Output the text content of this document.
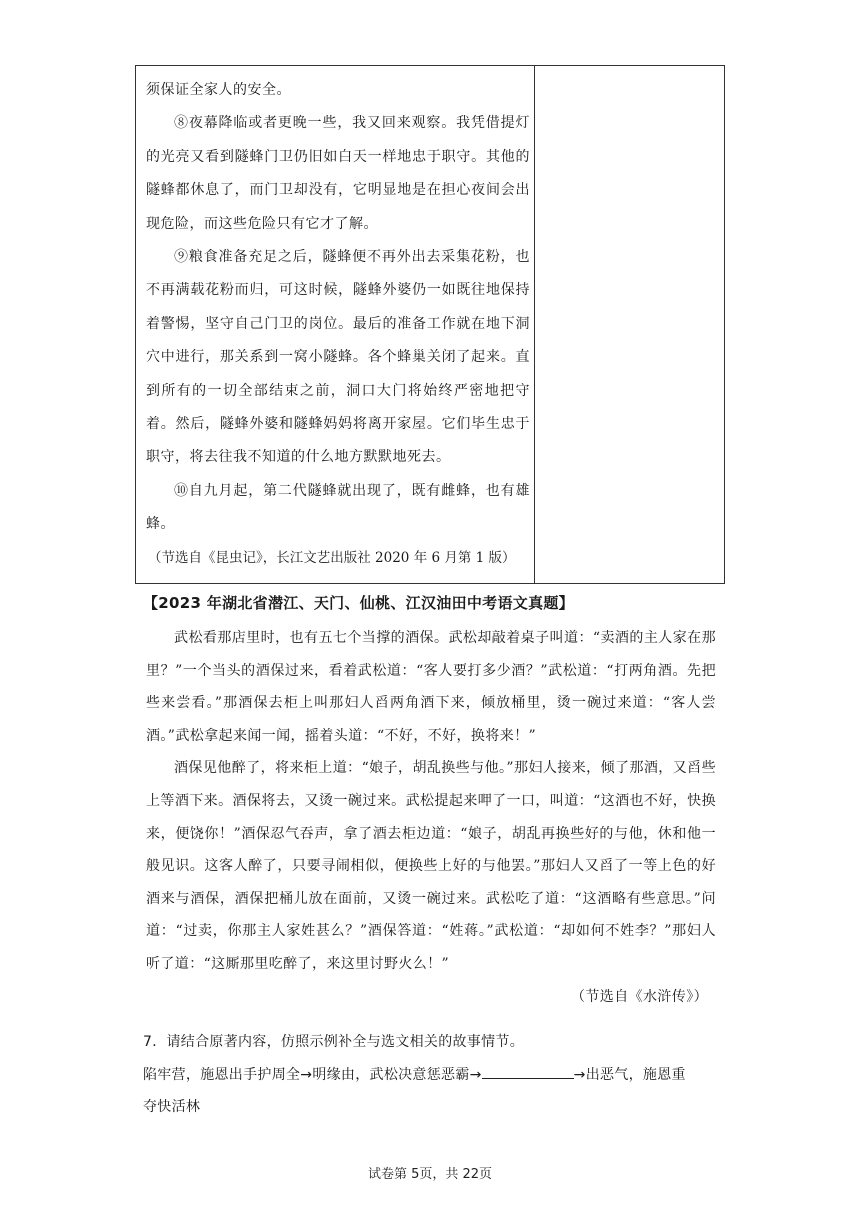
须保证全家人的安全。

⑧夜幕降临或者更晚一些，我又回来观察。我凭借提灯的光亮又看到隧蜂门卫仍旧如白天一样地忠于职守。其他的隧蜂都休息了，而门卫却没有，它明显地是在担心夜间会出现危险，而这些危险只有它才了解。

⑨粮食准备充足之后，隧蜂便不再外出去采集花粉，也不再满载花粉而归，可这时候，隧蜂外婆仍一如既往地保持着警惕，坚守自己门卫的岗位。最后的准备工作就在地下洞穴中进行，那关系到一窝小隧蜂。各个蜂巢关闭了起来。直到所有的一切全部结束之前，洞口大门将始终严密地把守着。然后，隧蜂外婆和隧蜂妈妈将离开家屋。它们毕生忠于职守，将去往我不知道的什么地方默默地死去。

⑩自九月起，第二代隧蜂就出现了，既有雌蜂，也有雄蜂。

（节选自《昆虫记》，长江文艺出版社 2020 年 6 月第 1 版）

【2023 年湖北省潜江、天门、仙桃、江汉油田中考语文真题】

武松看那店里时，也有五七个当撑的酒保。武松却敲着桌子叫道：“卖酒的主人家在那里？”一个当头的酒保过来，看着武松道：“客人要打多少酒？”武松道：“打两角酒。先把些来尝看。”那酒保去柜上叫那妇人舀两角酒下来，倾放桶里，烫一碗过来道：“客人尝酒。”武松拿起来闻一闻，摇着头道：“不好，不好，换将来！”

酒保见他醉了，将来柜上道：“娘子，胡乱换些与他。”那妇人接来，倾了那酒，又舀些上等酒下来。酒保将去，又烫一碗过来。武松提起来呷了一口，叫道：“这酒也不好，快换来，便饶你！”酒保忍气吞声，拿了酒去柜边道：“娘子，胡乱再换些好的与他，休和他一般见识。这客人醉了，只要寻闹相似，便换些上好的与他罢。”那妇人又舀了一等上色的好酒来与酒保，酒保把桶儿放在面前，又烫一碗过来。武松吃了道：“这酒略有些意思。”问道：“过卖，你那主人家姓甚么？”酒保答道：“姓蒋。”武松道：“却如何不姓李？”那妇人听了道：“这厮那里吃醉了，来这里讨野火么！”

（节选自《水浒传》）

7．请结合原著内容，仿照示例补全与选文相关的故事情节。
陷牢营，施恩出手护周全→明缘由，武松决意惩恶霸→	→出恶气，施恩重
夺快活林
试卷第 5页，共 22页
